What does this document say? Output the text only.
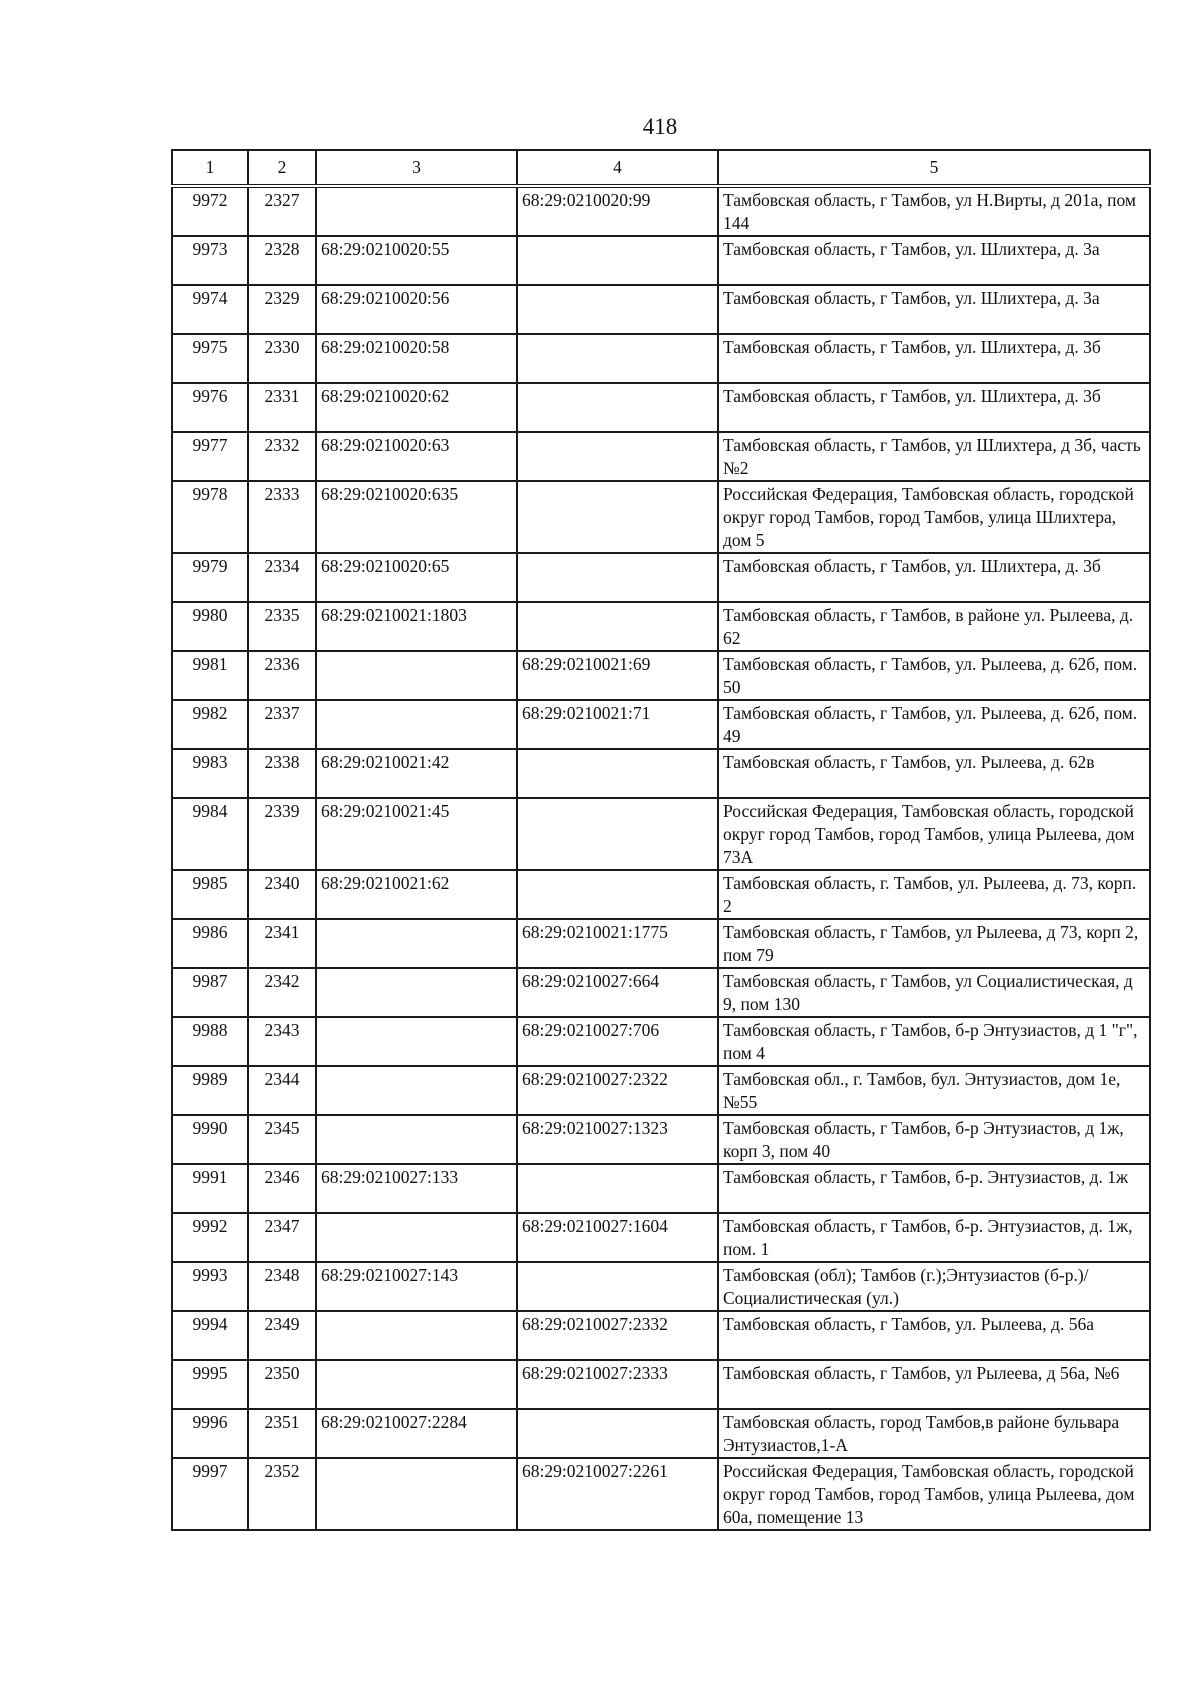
418
1	2	3	4	5
9972	2327		68:29:0210020:99	Тамбовская область, г Тамбов, ул Н.Вирты, д 201а, пом 144
9973	2328	68:29:0210020:55		Тамбовская область, г Тамбов, ул. Шлихтера, д. 3а
9974	2329	68:29:0210020:56		Тамбовская область, г Тамбов, ул. Шлихтера, д. 3а
9975	2330	68:29:0210020:58		Тамбовская область, г Тамбов, ул. Шлихтера, д. 3б
9976	2331	68:29:0210020:62		Тамбовская область, г Тамбов, ул. Шлихтера, д. 3б
9977	2332	68:29:0210020:63		Тамбовская область, г Тамбов, ул Шлихтера, д 3б, часть №2
9978	2333	68:29:0210020:635		Российская Федерация, Тамбовская область, городской округ город Тамбов, город Тамбов, улица Шлихтера, дом 5
9979	2334	68:29:0210020:65		Тамбовская область, г Тамбов, ул. Шлихтера, д. 3б
9980	2335	68:29:0210021:1803		Тамбовская область, г Тамбов, в районе ул. Рылеева, д. 62
9981	2336		68:29:0210021:69	Тамбовская область, г Тамбов, ул. Рылеева, д. 62б, пом. 50
9982	2337		68:29:0210021:71	Тамбовская область, г Тамбов, ул. Рылеева, д. 62б, пом. 49
9983	2338	68:29:0210021:42		Тамбовская область, г Тамбов, ул. Рылеева, д. 62в
9984	2339	68:29:0210021:45		Российская Федерация, Тамбовская область, городской округ город Тамбов, город Тамбов, улица Рылеева, дом 73А
9985	2340	68:29:0210021:62		Тамбовская область, г. Тамбов, ул. Рылеева, д. 73, корп. 2
9986	2341		68:29:0210021:1775	Тамбовская область, г Тамбов, ул Рылеева, д 73, корп 2, пом 79
9987	2342		68:29:0210027:664	Тамбовская область, г Тамбов, ул Социалистическая, д 9, пом 130
9988	2343		68:29:0210027:706	Тамбовская область, г Тамбов, б-р Энтузиастов, д 1 "г", пом 4
9989	2344		68:29:0210027:2322	Тамбовская обл., г. Тамбов, бул. Энтузиастов, дом 1е, №55
9990	2345		68:29:0210027:1323	Тамбовская область, г Тамбов, б-р Энтузиастов, д 1ж, корп 3, пом 40
9991	2346	68:29:0210027:133		Тамбовская область, г Тамбов, б-р. Энтузиастов, д. 1ж
9992	2347		68:29:0210027:1604	Тамбовская область, г Тамбов, б-р. Энтузиастов, д. 1ж, пом. 1
9993	2348	68:29:0210027:143		Тамбовская (обл); Тамбов (г.);Энтузиастов (б-р.)/Социалистическая (ул.)
9994	2349		68:29:0210027:2332	Тамбовская область, г Тамбов, ул. Рылеева, д. 56а
9995	2350		68:29:0210027:2333	Тамбовская область, г Тамбов, ул Рылеева, д 56а, №6
9996	2351	68:29:0210027:2284		Тамбовская область, город Тамбов,в районе бульвара Энтузиастов,1-А
9997	2352		68:29:0210027:2261	Российская Федерация, Тамбовская область, городской округ город Тамбов, город Тамбов, улица Рылеева, дом 60а, помещение 13
